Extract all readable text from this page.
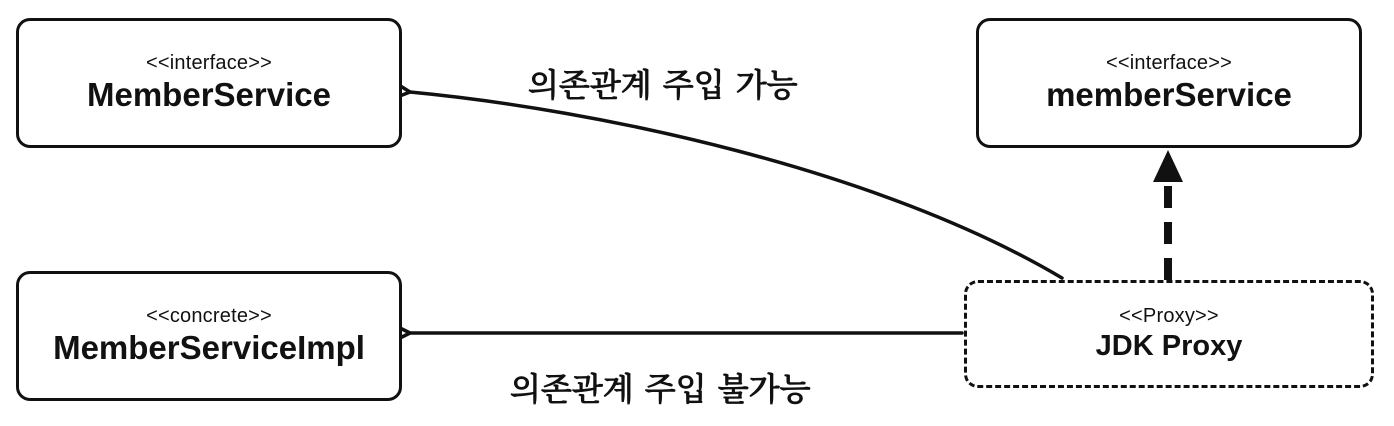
<<interface>>
MemberService
<<concrete>>
MemberServiceImpl
<<interface>>
memberService
<<Proxy>>
JDK Proxy
의존관계 주입 가능
의존관계 주입 불가능
